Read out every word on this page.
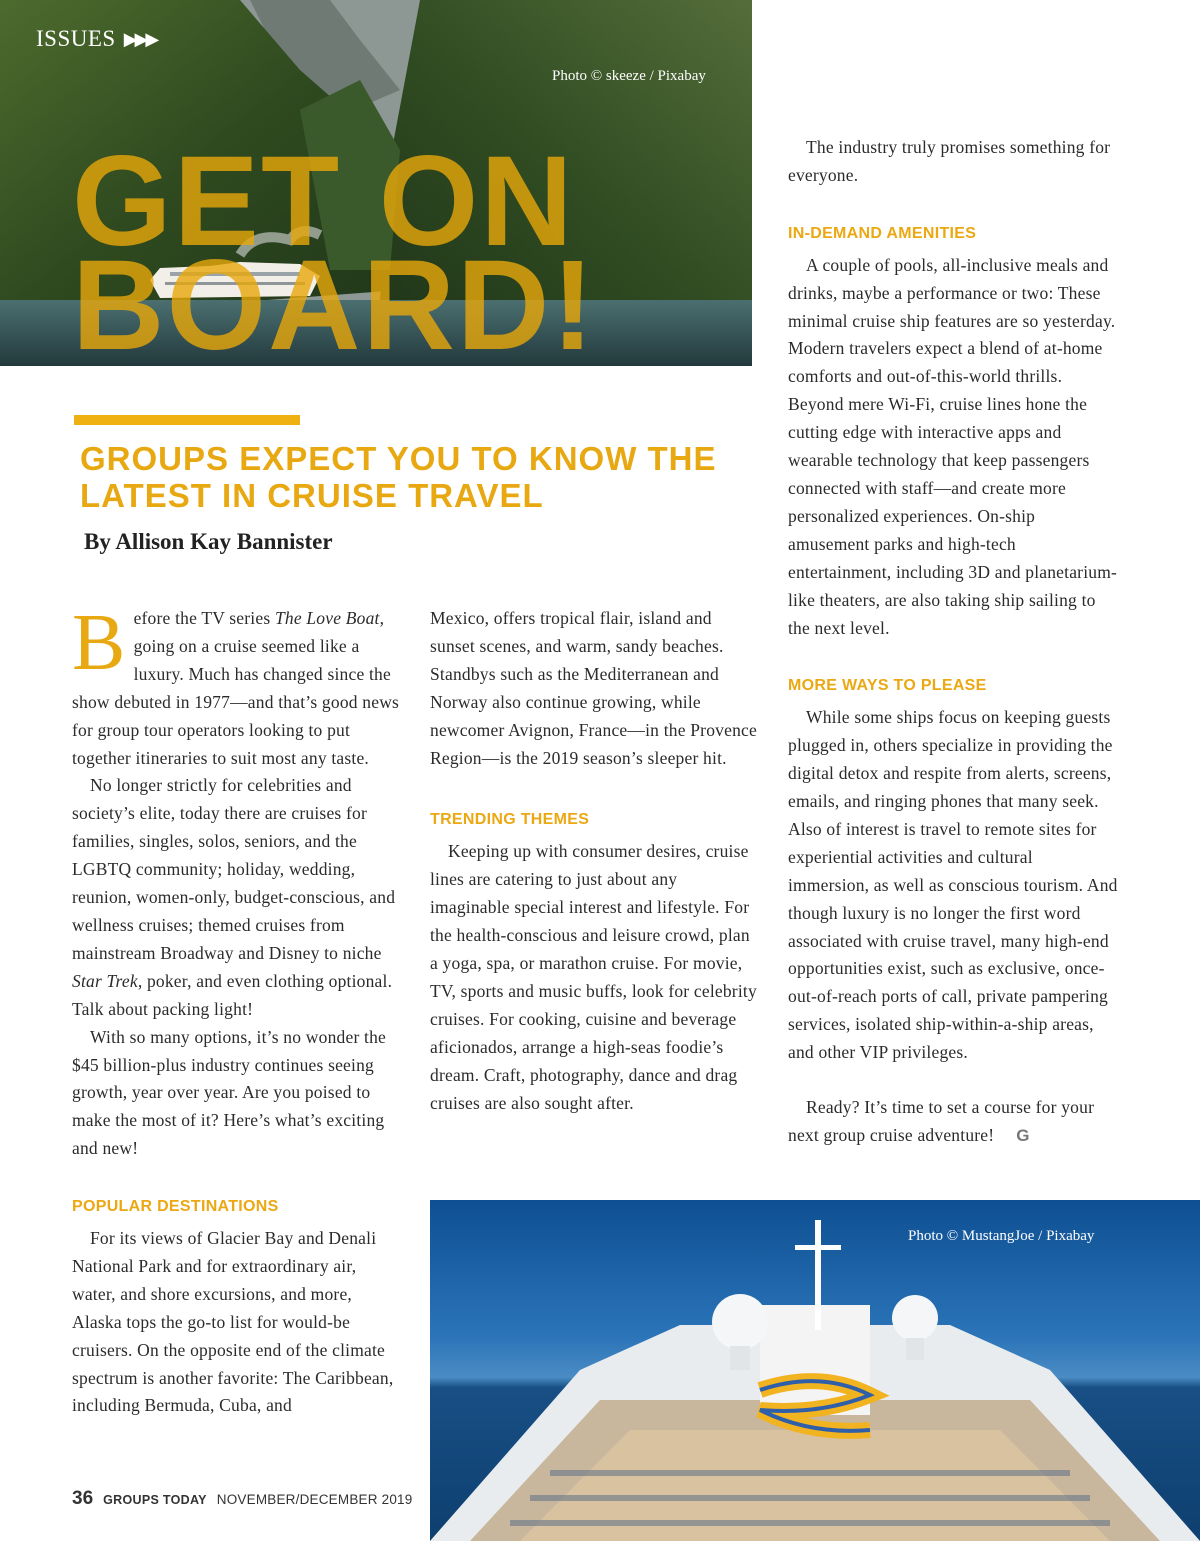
ISSUES ▶▶▶
Photo © skeeze / Pixabay
GET ON
BOARD!
GROUPS EXPECT YOU TO KNOW THE
LATEST IN CRUISE TRAVEL
By Allison Kay Bannister

Before the TV series The Love Boat, going on a cruise seemed like a luxury. Much has changed since the show debuted in 1977—and that’s good news for group tour operators looking to put together itineraries to suit most any taste.

No longer strictly for celebrities and society’s elite, today there are cruises for families, singles, solos, seniors, and the LGBTQ community; holiday, wedding, reunion, women-only, budget-conscious, and wellness cruises; themed cruises from mainstream Broadway and Disney to niche Star Trek, poker, and even clothing optional. Talk about packing light!

With so many options, it’s no wonder the $45 billion-plus industry continues seeing growth, year over year. Are you poised to make the most of it? Here’s what’s exciting and new!

POPULAR DESTINATIONS

For its views of Glacier Bay and Denali National Park and for extraordinary air, water, and shore excursions, and more, Alaska tops the go-to list for would-be cruisers. On the opposite end of the climate spectrum is another favorite: The Caribbean, including Bermuda, Cuba, and

Mexico, offers tropical flair, island and sunset scenes, and warm, sandy beaches. Standbys such as the Mediterranean and Norway also continue growing, while newcomer Avignon, France—in the Provence Region—is the 2019 season’s sleeper hit.

TRENDING THEMES

Keeping up with consumer desires, cruise lines are catering to just about any imaginable special interest and lifestyle. For the health-conscious and leisure crowd, plan a yoga, spa, or marathon cruise. For movie, TV, sports and music buffs, look for celebrity cruises. For cooking, cuisine and beverage aficionados, arrange a high-seas foodie’s dream. Craft, photography, dance and drag cruises are also sought after.

The industry truly promises something for everyone.

IN-DEMAND AMENITIES

A couple of pools, all-inclusive meals and drinks, maybe a performance or two: These minimal cruise ship features are so yesterday. Modern travelers expect a blend of at-home comforts and out-of-this-world thrills. Beyond mere Wi-Fi, cruise lines hone the cutting edge with interactive apps and wearable technology that keep passengers connected with staff—and create more personalized experiences. On-ship amusement parks and high-tech entertainment, including 3D and planetarium-like theaters, are also taking ship sailing to the next level.

MORE WAYS TO PLEASE

While some ships focus on keeping guests plugged in, others specialize in providing the digital detox and respite from alerts, screens, emails, and ringing phones that many seek. Also of interest is travel to remote sites for experiential activities and cultural immersion, as well as conscious tourism. And though luxury is no longer the first word associated with cruise travel, many high-end opportunities exist, such as exclusive, once-out-of-reach ports of call, private pampering services, isolated ship-within-a-ship areas, and other VIP privileges.

Ready? It’s time to set a course for your next group cruise adventure! G

Photo © MustangJoe / Pixabay
36 GROUPS TODAY NOVEMBER/DECEMBER 2019
